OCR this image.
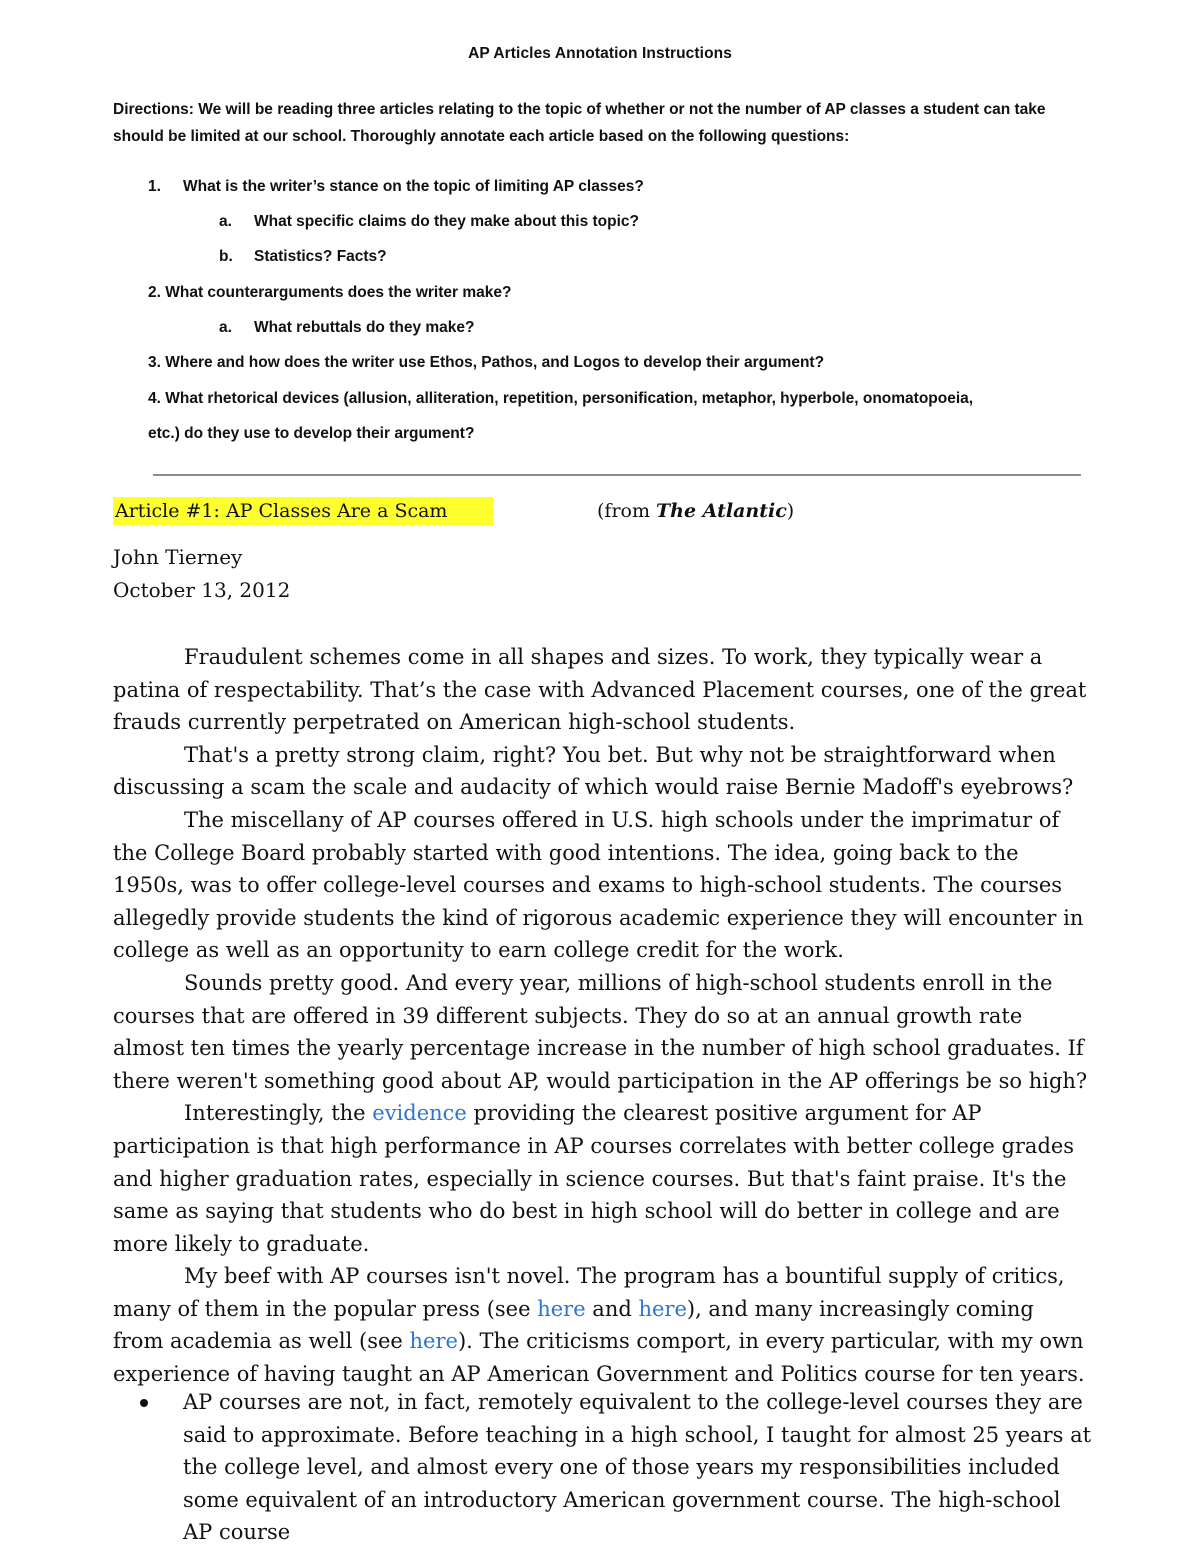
AP Articles Annotation Instructions
Directions: We will be reading three articles relating to the topic of whether or not the number of AP classes a student can take should be limited at our school. Thoroughly annotate each article based on the following questions:
1. What is the writer’s stance on the topic of limiting AP classes?
a. What specific claims do they make about this topic?
b. Statistics? Facts?
2. What counterarguments does the writer make?
a. What rebuttals do they make?
3. Where and how does the writer use Ethos, Pathos, and Logos to develop their argument?
4. What rhetorical devices (allusion, alliteration, repetition, personification, metaphor, hyperbole, onomatopoeia,
etc.) do they use to develop their argument?
Article #1: AP Classes Are a Scam	(from The Atlantic)
John Tierney
October 13, 2012

Fraudulent schemes come in all shapes and sizes. To work, they typically wear a patina of respectability. That’s the case with Advanced Placement courses, one of the great frauds currently perpetrated on American high-school students.

That's a pretty strong claim, right? You bet. But why not be straightforward when discussing a scam the scale and audacity of which would raise Bernie Madoff's eyebrows?

The miscellany of AP courses offered in U.S. high schools under the imprimatur of the College Board probably started with good intentions. The idea, going back to the 1950s, was to offer college-level courses and exams to high-school students. The courses allegedly provide students the kind of rigorous academic experience they will encounter in college as well as an opportunity to earn college credit for the work.

Sounds pretty good. And every year, millions of high-school students enroll in the courses that are offered in 39 different subjects. They do so at an annual growth rate almost ten times the yearly percentage increase in the number of high school graduates. If there weren't something good about AP, would participation in the AP offerings be so high?

Interestingly, the evidence providing the clearest positive argument for AP participation is that high performance in AP courses correlates with better college grades and higher graduation rates, especially in science courses. But that's faint praise. It's the same as saying that students who do best in high school will do better in college and are more likely to graduate.

My beef with AP courses isn't novel. The program has a bountiful supply of critics, many of them in the popular press (see here and here), and many increasingly coming from academia as well (see here). The criticisms comport, in every particular, with my own experience of having taught an AP American Government and Politics course for ten years.

AP courses are not, in fact, remotely equivalent to the college-level courses they are said to approximate. Before teaching in a high school, I taught for almost 25 years at the college level, and almost every one of those years my responsibilities included some equivalent of an introductory American government course. The high-school AP course
